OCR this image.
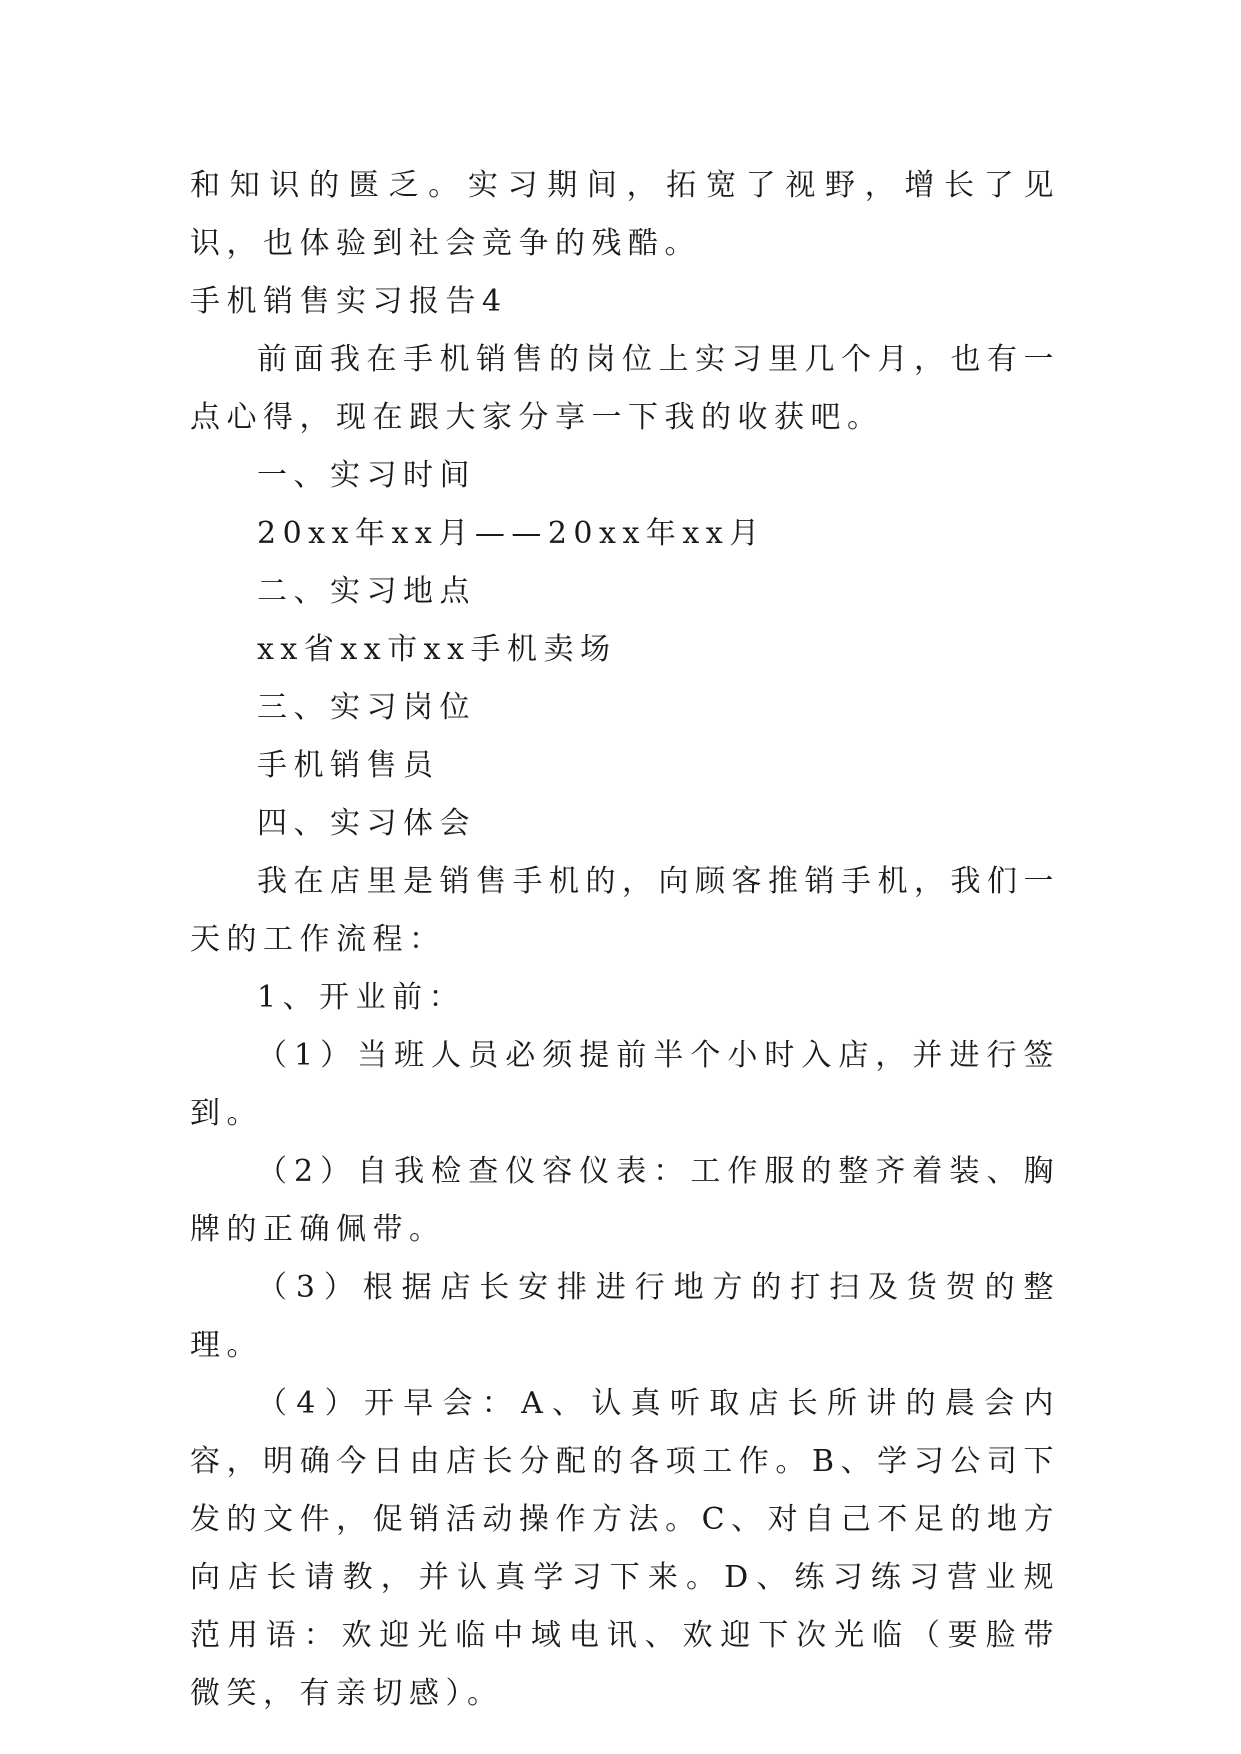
和知识的匮乏。实习期间，拓宽了视野，增长了见识，也体验到社会竞争的残酷。

手机销售实习报告4

前面我在手机销售的岗位上实习里几个月，也有一点心得，现在跟大家分享一下我的收获吧。

一、实习时间

20xx年xx月——20xx年xx月

二、实习地点

xx省xx市xx手机卖场

三、实习岗位

手机销售员

四、实习体会

我在店里是销售手机的，向顾客推销手机，我们一天的工作流程：

1、开业前：

（1）当班人员必须提前半个小时入店，并进行签到。

（2）自我检查仪容仪表：工作服的整齐着装、胸牌的正确佩带。

（3）根据店长安排进行地方的打扫及货贺的整理。

（4）开早会：A、认真听取店长所讲的晨会内容，明确今日由店长分配的各项工作。B、学习公司下发的文件，促销活动操作方法。C、对自己不足的地方向店长请教，并认真学习下来。D、练习练习营业规范用语：欢迎光临中域电讯、欢迎下次光临（要脸带微笑，有亲切感）。
